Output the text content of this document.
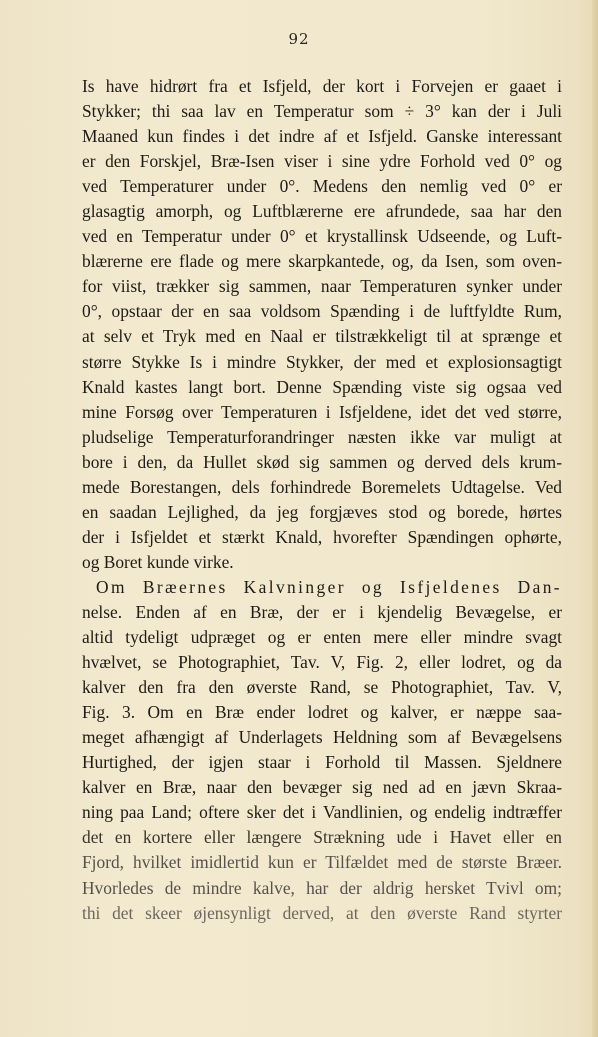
92
Is have hidrørt fra et Isfjeld, der kort i Forvejen er gaaet i
Stykker; thi saa lav en Temperatur som ÷ 3° kan der i Juli
Maaned kun findes i det indre af et Isfjeld. Ganske interessant
er den Forskjel, Bræ-Isen viser i sine ydre Forhold ved 0° og
ved Temperaturer under 0°. Medens den nemlig ved 0° er
glasagtig amorph, og Luftblærerne ere afrundede, saa har den
ved en Temperatur under 0° et krystallinsk Udseende, og Luft-
blærerne ere flade og mere skarpkantede, og, da Isen, som oven-
for viist, trækker sig sammen, naar Temperaturen synker under
0°, opstaar der en saa voldsom Spænding i de luftfyldte Rum,
at selv et Tryk med en Naal er tilstrækkeligt til at sprænge et
større Stykke Is i mindre Stykker, der med et explosionsagtigt
Knald kastes langt bort. Denne Spænding viste sig ogsaa ved
mine Forsøg over Temperaturen i Isfjeldene, idet det ved større,
pludselige Temperaturforandringer næsten ikke var muligt at
bore i den, da Hullet skød sig sammen og derved dels krum-
mede Borestangen, dels forhindrede Boremelets Udtagelse. Ved
en saadan Lejlighed, da jeg forgjæves stod og borede, hørtes
der i Isfjeldet et stærkt Knald, hvorefter Spændingen ophørte,
og Boret kunde virke.
Om Bræernes Kalvninger og Isfjeldenes Dan-
nelse. Enden af en Bræ, der er i kjendelig Bevægelse, er
altid tydeligt udpræget og er enten mere eller mindre svagt
hvælvet, se Photographiet, Tav. V, Fig. 2, eller lodret, og da
kalver den fra den øverste Rand, se Photographiet, Tav. V,
Fig. 3. Om en Bræ ender lodret og kalver, er næppe saa-
meget afhængigt af Underlagets Heldning som af Bevægelsens
Hurtighed, der igjen staar i Forhold til Massen. Sjeldnere
kalver en Bræ, naar den bevæger sig ned ad en jævn Skraa-
ning paa Land; oftere sker det i Vandlinien, og endelig indtræffer
det en kortere eller længere Strækning ude i Havet eller en
Fjord, hvilket imidlertid kun er Tilfældet med de største Bræer.
Hvorledes de mindre kalve, har der aldrig hersket Tvivl om;
thi det skeer øjensynligt derved, at den øverste Rand styrter
